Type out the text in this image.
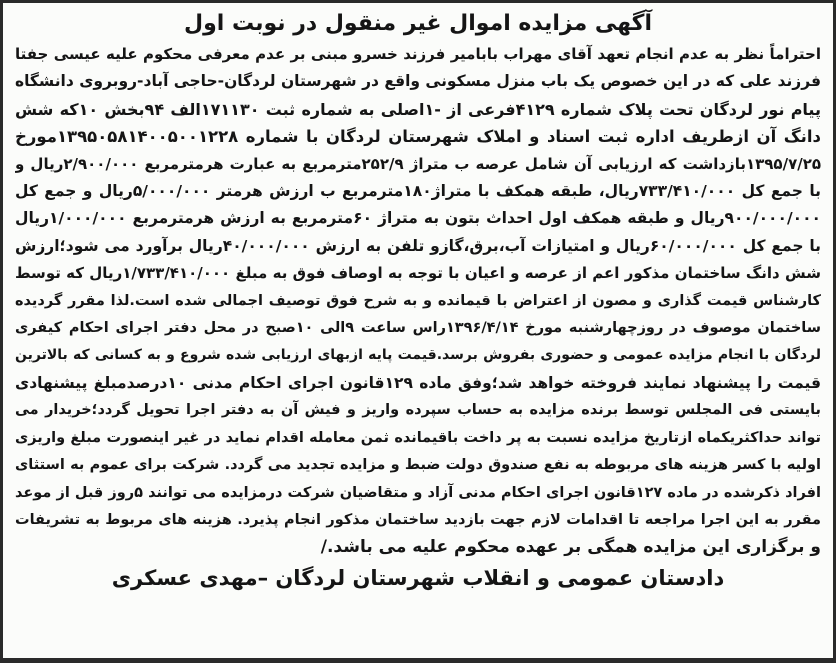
آگهی مزایده اموال غیر منقول در نوبت اول
احتراماً نظر به عدم انجام تعهد آقای مهراب بابامیر فرزند خسرو مبنی بر عدم معرفی محکوم علیه عیسی جفتا
فرزند علی که در این خصوص یک باب منزل مسکونی واقع در شهرستان لردگان-حاجی آباد-روبروی دانشگاه
پیام نور لردگان تحت پلاک شماره ۴۱۲۹فرعی از -۱اصلی به شماره ثبت ۱۷۱۱۳۰الف ۹۴بخش ۱۰که شش
دانگ آن ازطریف اداره ثبت اسناد و املاک شهرستان لردگان با شماره ۱۳۹۵۰۵۸۱۴۰۰۵۰۰۱۲۲۸مورخ
۱۳۹۵/۷/۲۵بازداشت که ارزیابی آن شامل عرصه ب متراژ ۲۵۲/۹مترمربع به عبارت هرمترمربع ۲/۹۰۰/۰۰۰ریال و
با جمع کل ۷۳۳/۴۱۰/۰۰۰ریال، طبقه همکف با متراژ۱۸۰مترمربع ب ارزش هرمتر ۵/۰۰۰/۰۰۰ریال و جمع کل
۹۰۰/۰۰۰/۰۰۰ریال و طبقه همکف اول احداث بتون به متراژ ۶۰مترمربع به ارزش هرمترمربع ۱/۰۰۰/۰۰۰ریال
با جمع کل ۶۰/۰۰۰/۰۰۰ریال و امتیازات آب،برق،گازو تلفن به ارزش ۴۰/۰۰۰/۰۰۰ریال برآورد می شود؛ارزش
شش دانگ ساختمان مذکور اعم از عرصه و اعیان با توجه به اوصاف فوق به مبلغ ۱/۷۳۳/۴۱۰/۰۰۰ریال که توسط
کارشناس قیمت گذاری و مصون از اعتراض با قیمانده و به شرح فوق توصیف اجمالی شده است.لذا مقرر گردیده
ساختمان موصوف در روزچهارشنبه مورخ ۱۳۹۶/۴/۱۴راس ساعت ۹الی ۱۰صبح در محل دفتر اجرای احکام کیفری
لردگان با انجام مزایده عمومی و حضوری بفروش برسد.قیمت پایه ازبهای ارزیابی شده شروع و به کسانی که بالاترین
قیمت را پیشنهاد نمایند فروخته خواهد شد؛وفق ماده ۱۲۹قانون اجرای احکام مدنی ۱۰درصدمبلغ پیشنهادی
بایستی فی المجلس توسط برنده مزایده به حساب سپرده واریز و فیش آن به دفتر اجرا تحویل گردد؛خریدار می
تواند حداکثریکماه ازتاریخ مزایده نسبت به پر داخت باقیمانده ثمن معامله اقدام نماید در غیر اینصورت مبلغ واریزی
اولیه با کسر هزینه های مربوطه به نفع صندوق دولت ضبط و مزایده تجدید می گردد. شرکت برای عموم به استثای
افراد ذکرشده در ماده ۱۲۷قانون اجرای احکام مدنی آزاد و متقاضیان شرکت درمزایده می توانند ۵روز قبل از موعد
مقرر به این اجرا مراجعه تا اقدامات لازم جهت بازدید ساختمان مذکور انجام پذیرد. هزینه های مربوط به تشریفات
و برگزاری این مزایده همگی بر عهده محکوم علیه می باشد./
دادستان عمومی و انقلاب شهرستان لردگان –مهدی عسکری
